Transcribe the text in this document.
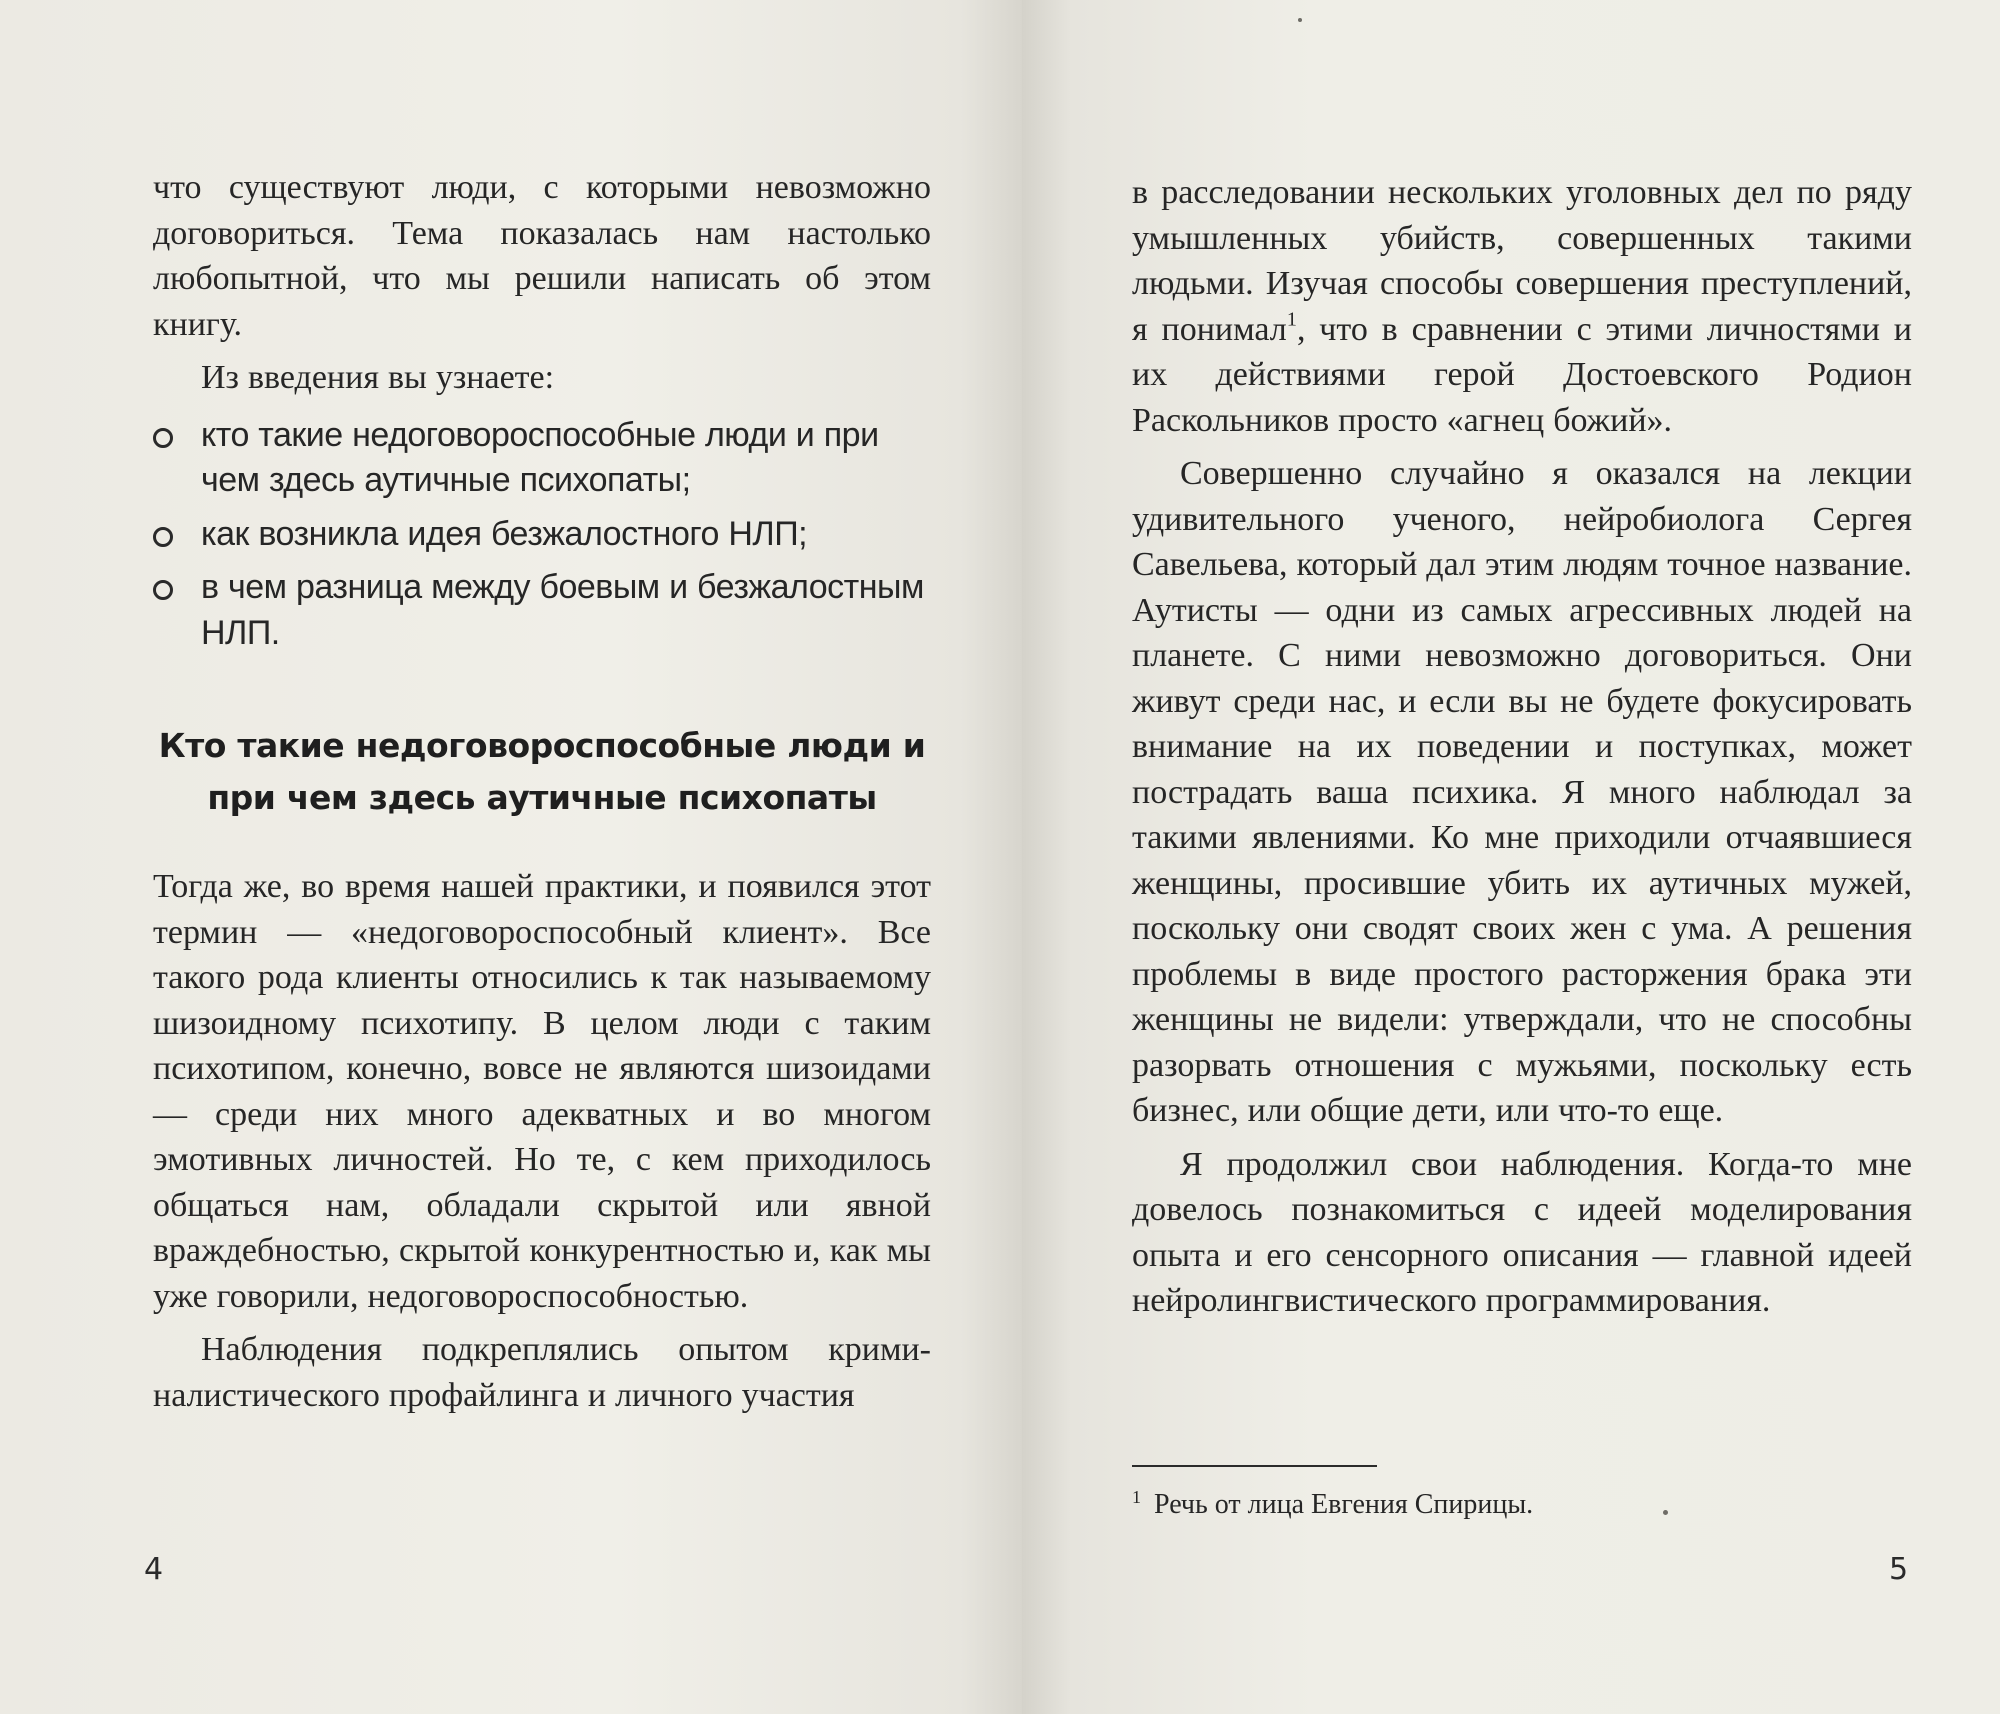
что существуют люди, с которыми невозможно договориться. Тема показалась нам настолько любопытной, что мы решили написать об этом книгу.

Из введения вы узнаете:

кто такие недоговороспособные люди и при чем здесь аутичные психопаты;
как возникла идея безжалостного НЛП;
в чем разница между боевым и безжалостным НЛП.
Кто такие недоговороспособные люди и при чем здесь аутичные психопаты

Тогда же, во время нашей практики, и появился этот термин — «недоговороспособный клиент». Все такого рода клиенты относились к так называемому шизоидному психотипу. В целом люди с таким психотипом, конечно, вовсе не являются шизоидами — среди них много адекватных и во многом эмотивных личностей. Но те, с кем приходилось общаться нам, обладали скрытой или явной враждебностью, скрытой конкурентностью и, как мы уже говорили, недоговороспособностью.

Наблюдения подкреплялись опытом криминалистического профайлинга и личного участия

4

в расследовании нескольких уголовных дел по ряду умышленных убийств, совершенных такими людьми. Изучая способы совершения преступлений, я понимал$^1$, что в сравнении с этими личностями и их действиями герой Достоевского Родион Раскольников просто «агнец божий».

Совершенно случайно я оказался на лекции удивительного ученого, нейробиолога Сергея Савельева, который дал этим людям точное название. Аутисты — одни из самых агрессивных людей на планете. С ними невозможно договориться. Они живут среди нас, и если вы не будете фокусировать внимание на их поведении и поступках, может пострадать ваша психика. Я много наблюдал за такими явлениями. Ко мне приходили отчаявшиеся женщины, просившие убить их аутичных мужей, поскольку они сводят своих жен с ума. А решения проблемы в виде простого расторжения брака эти женщины не видели: утверждали, что не способны разорвать отношения с мужьями, поскольку есть бизнес, или общие дети, или что-то еще.

Я продолжил свои наблюдения. Когда-то мне довелось познакомиться с идеей моделирования опыта и его сенсорного описания — главной идеей нейролингвистического программирования.

1 Речь от лица Евгения Спирицы.
5
